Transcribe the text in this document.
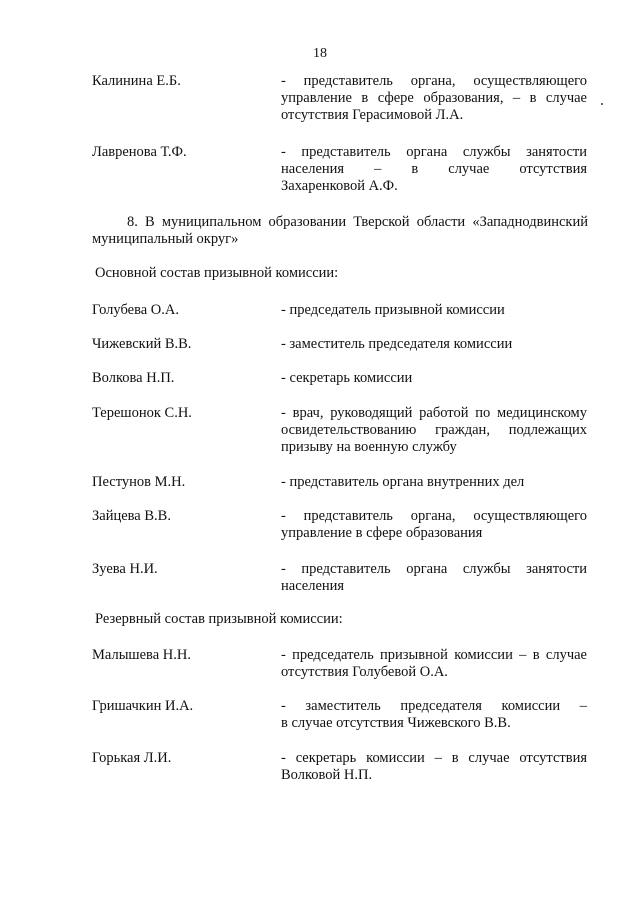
18
Калинина Е.Б.	- представитель органа, осуществляющего
управление в сфере образования, – в случае
отсутствия Герасимовой Л.А.
Лавренова Т.Ф.	- представитель органа службы занятости
населения – в случае отсутствия
Захаренковой А.Ф.
8. В муниципальном образовании Тверской области «Западнодвинский
муниципальный округ»
Основной состав призывной комиссии:
Голубева О.А.	- председатель призывной комиссии
Чижевский В.В.	- заместитель председателя комиссии
Волкова Н.П.	- секретарь комиссии
Терешонок С.Н.	- врач, руководящий работой по медицинскому
освидетельствованию граждан, подлежащих
призыву на военную службу
Пестунов М.Н.	- представитель органа внутренних дел
Зайцева В.В.	- представитель органа, осуществляющего
управление в сфере образования
Зуева Н.И.	- представитель органа службы занятости
населения
Резервный состав призывной комиссии:
Малышева Н.Н.	- председатель призывной комиссии – в случае
отсутствия Голубевой О.А.
Гришачкин И.А.	- заместитель председателя комиссии –
в случае отсутствия Чижевского В.В.
Горькая Л.И.	- секретарь комиссии – в случае отсутствия
Волковой Н.П.
